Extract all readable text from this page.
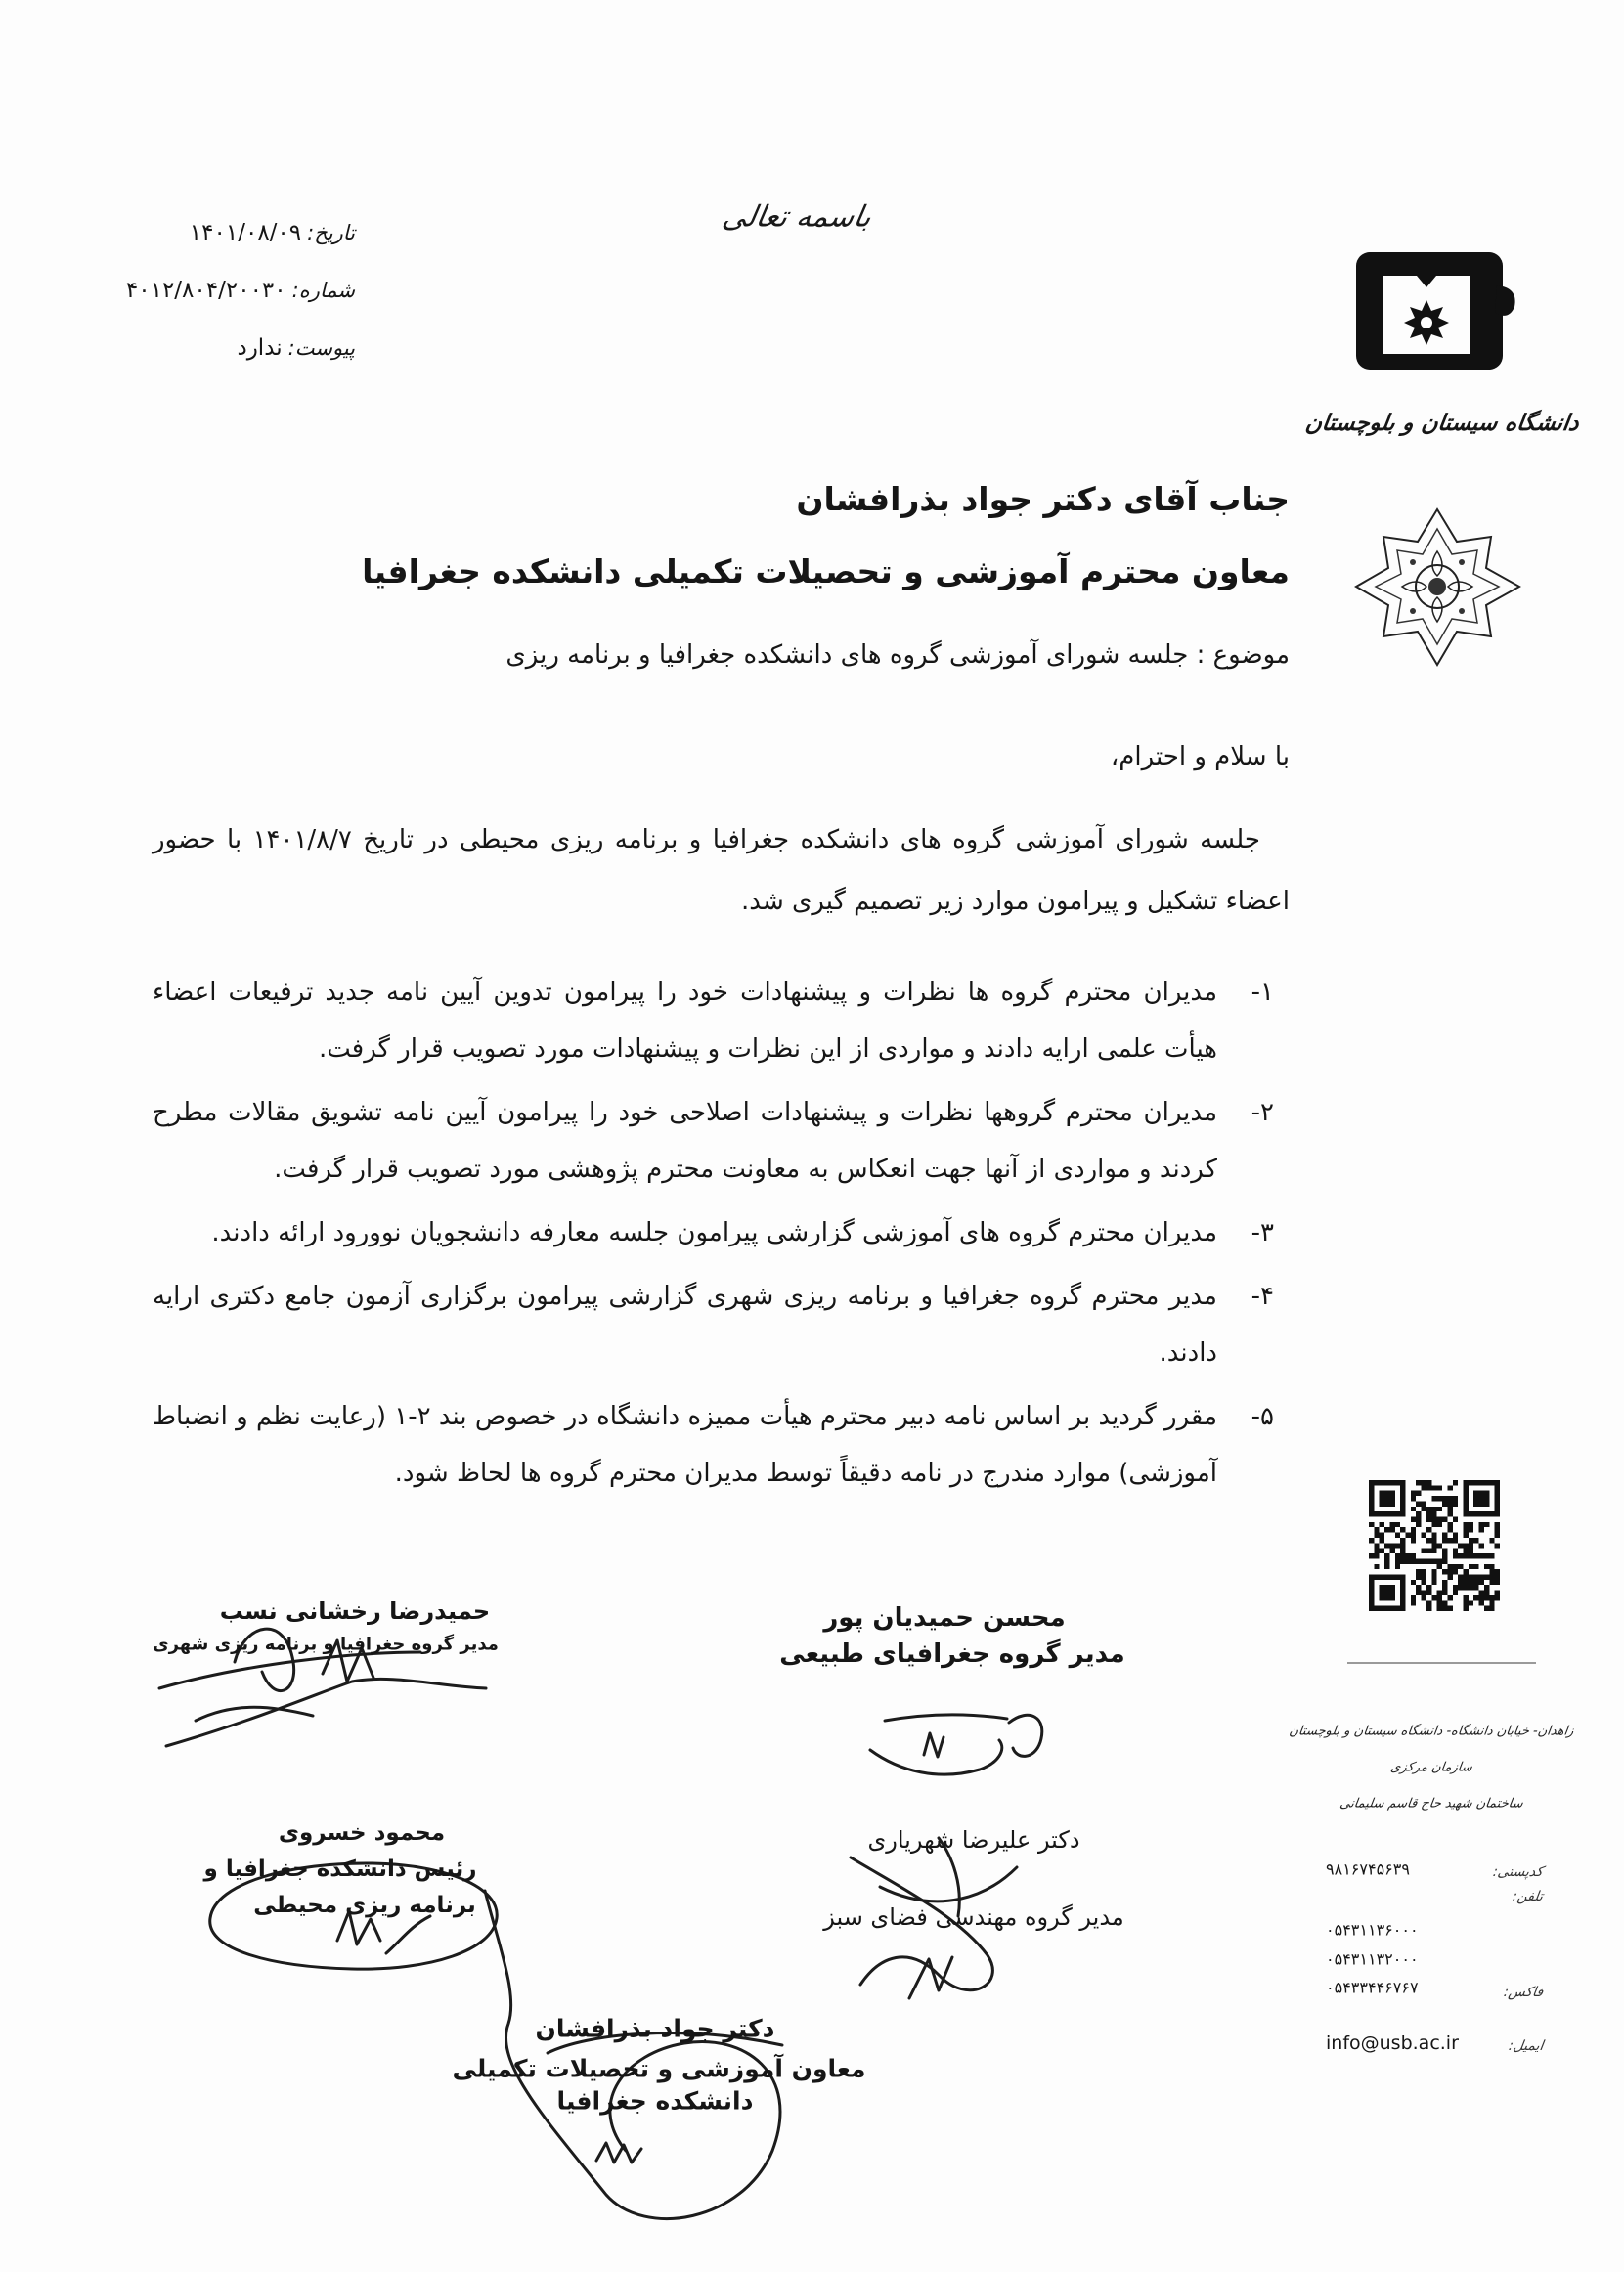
باسمه تعالی
تاریخ:
۱۴۰۱/۰۸/۰۹
شماره:
۴۰۱۲/۸۰۴/۲۰۰۳۰
پیوست:
ندارد
دانشگاه سیستان و بلوچستان
جناب آقای دکتر جواد بذرافشان
معاون محترم آموزشی و تحصیلات تکمیلی دانشکده جغرافیا
موضوع : جلسه شورای آموزشی گروه های دانشکده جغرافیا و برنامه ریزی
با سلام و احترام،
جلسه شورای آموزشی گروه های دانشکده جغرافیا و برنامه ریزی محیطی در تاریخ ۱۴۰۱/۸/۷ با حضور اعضاء تشکیل و پیرامون موارد زیر تصمیم گیری شد.
۱-
مدیران محترم گروه ها نظرات و پیشنهادات خود را پیرامون تدوین آیین نامه جدید ترفیعات اعضاء هیأت علمی ارایه دادند و مواردی از این نظرات و پیشنهادات مورد تصویب قرار گرفت.
۲-
مدیران محترم گروهها نظرات و پیشنهادات اصلاحی خود را پیرامون آیین نامه تشویق مقالات مطرح کردند و مواردی از آنها جهت انعکاس به معاونت محترم پژوهشی مورد تصویب قرار گرفت.
۳-
مدیران محترم گروه های آموزشی گزارشی پیرامون جلسه معارفه دانشجویان نوورود ارائه دادند.
۴-
مدیر محترم گروه جغرافیا و برنامه ریزی شهری گزارشی پیرامون برگزاری آزمون جامع دکتری ارایه دادند.
۵-
مقرر گردید بر اساس نامه دبیر محترم هیأت ممیزه دانشگاه در خصوص بند ۲-۱ (رعایت نظم و انضباط آموزشی) موارد مندرج در نامه دقیقاً توسط مدیران محترم گروه ها لحاظ شود.
حمیدرضا رخشانی نسب
مدیر گروه جغرافیا و برنامه ریزی شهری
محسن حمیدیان پور
مدیر گروه جغرافیای طبیعی
دکتر علیرضا شهریاری
مدیر گروه مهندسی فضای سبز
محمود خسروی
رئیس دانشکده جغرافیا و
برنامه ریزی محیطی
دکتر جواد بذرافشان
معاون آموزشی و تحصیلات تکمیلی
دانشکده جغرافیا
زاهدان- خیابان دانشگاه- دانشگاه سیستان و بلوچستان
سازمان مرکزی
ساختمان شهید حاج قاسم سلیمانی
کدپستی:
۹۸۱۶۷۴۵۶۳۹
تلفن:
۰۵۴۳۱۱۳۶۰۰۰
۰۵۴۳۱۱۳۲۰۰۰
فاکس:
۰۵۴۳۳۴۴۶۷۶۷
ایمیل:
info@usb.ac.ir
